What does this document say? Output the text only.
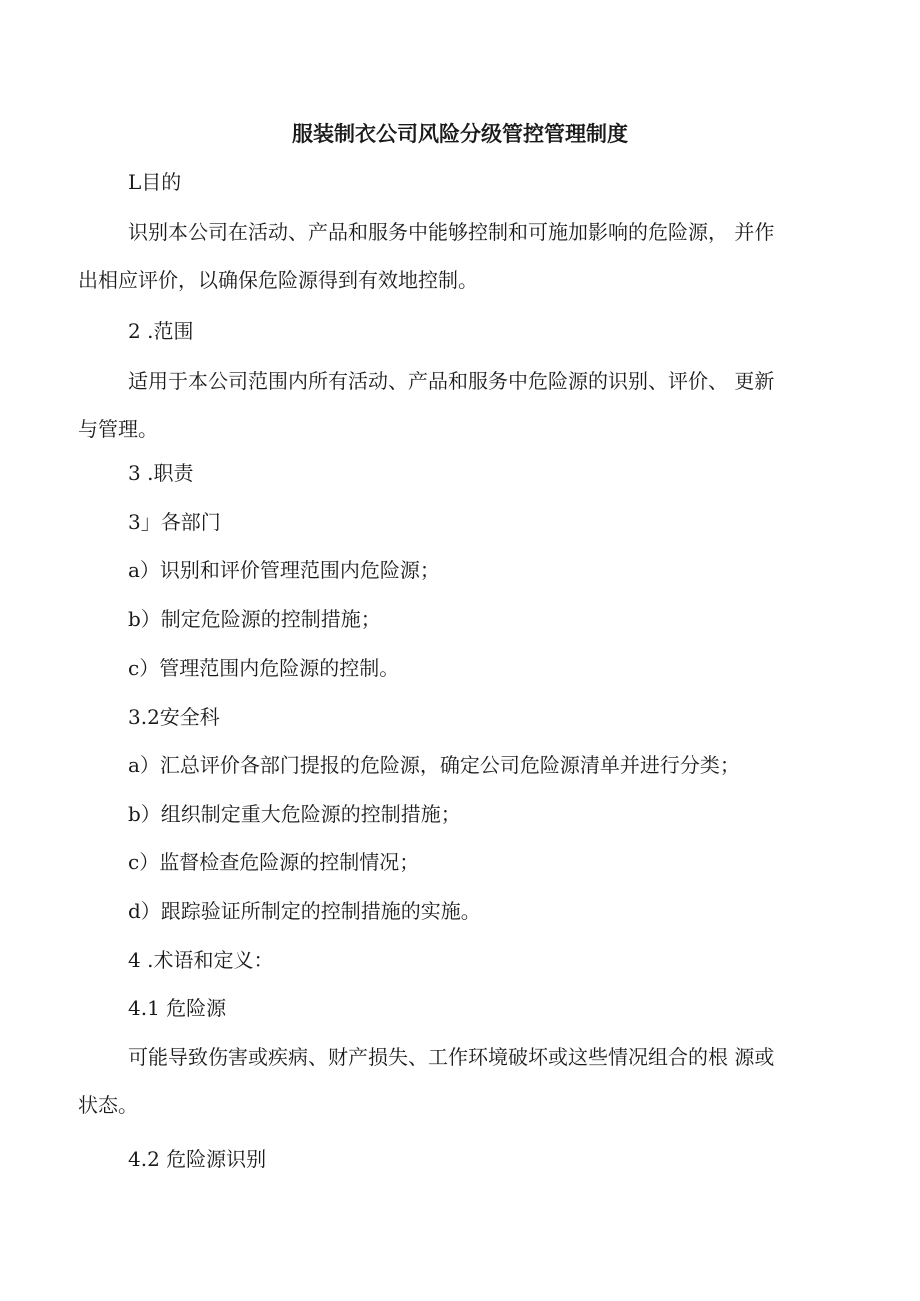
服装制衣公司风险分级管控管理制度
L目的
识别本公司在活动、产品和服务中能够控制和可施加影响的危险源， 并作
出相应评价，以确保危险源得到有效地控制。
2 .范围
适用于本公司范围内所有活动、产品和服务中危险源的识别、评价、 更新
与管理。
3 .职责
3」各部门
a）识别和评价管理范围内危险源；
b）制定危险源的控制措施；
c）管理范围内危险源的控制。
3.2安全科
a）汇总评价各部门提报的危险源，确定公司危险源清单并进行分类；
b）组织制定重大危险源的控制措施；
c）监督检查危险源的控制情况；
d）跟踪验证所制定的控制措施的实施。
4 .术语和定义：
4.1 危险源
可能导致伤害或疾病、财产损失、工作环境破坏或这些情况组合的根 源或
状态。
4.2 危险源识别
